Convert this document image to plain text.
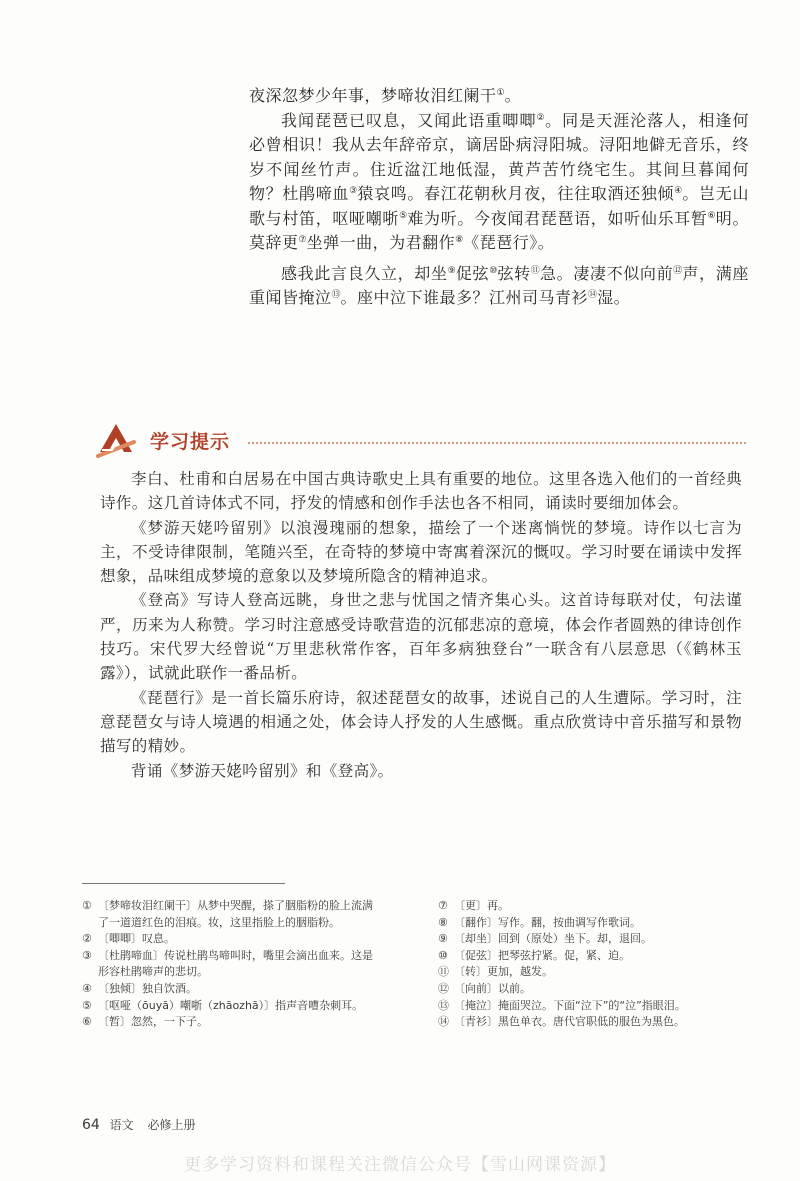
夜深忽梦少年事，梦啼妆泪红阑干①。

我闻琵琶已叹息，又闻此语重唧唧②。同是天涯沦落人，相逢何必曾相识！我从去年辞帝京，谪居卧病浔阳城。浔阳地僻无音乐，终岁不闻丝竹声。住近湓江地低湿，黄芦苦竹绕宅生。其间旦暮闻何物？杜鹃啼血③猿哀鸣。春江花朝秋月夜，往往取酒还独倾④。岂无山歌与村笛，呕哑嘲哳⑤难为听。今夜闻君琵琶语，如听仙乐耳暂⑥明。莫辞更⑦坐弹一曲，为君翻作⑧《琵琶行》。

感我此言良久立，却坐⑨促弦⑩弦转⑪急。凄凄不似向前⑫声，满座重闻皆掩泣⑬。座中泣下谁最多？江州司马青衫⑭湿。

学习提示

李白、杜甫和白居易在中国古典诗歌史上具有重要的地位。这里各选入他们的一首经典诗作。这几首诗体式不同，抒发的情感和创作手法也各不相同，诵读时要细加体会。

《梦游天姥吟留别》以浪漫瑰丽的想象，描绘了一个迷离惝恍的梦境。诗作以七言为主，不受诗律限制，笔随兴至，在奇特的梦境中寄寓着深沉的慨叹。学习时要在诵读中发挥想象，品味组成梦境的意象以及梦境所隐含的精神追求。

《登高》写诗人登高远眺，身世之悲与忧国之情齐集心头。这首诗每联对仗，句法谨严，历来为人称赞。学习时注意感受诗歌营造的沉郁悲凉的意境，体会作者圆熟的律诗创作技巧。宋代罗大经曾说“万里悲秋常作客，百年多病独登台”一联含有八层意思（《鹤林玉露》），试就此联作一番品析。

《琵琶行》是一首长篇乐府诗，叙述琵琶女的故事，述说自己的人生遭际。学习时，注意琵琶女与诗人境遇的相通之处，体会诗人抒发的人生感慨。重点欣赏诗中音乐描写和景物描写的精妙。

背诵《梦游天姥吟留别》和《登高》。

① 〔梦啼妆泪红阑干〕从梦中哭醒，搽了胭脂粉的脸上流满了一道道红色的泪痕。妆，这里指脸上的胭脂粉。
② 〔唧唧〕叹息。
③ 〔杜鹃啼血〕传说杜鹃鸟啼叫时，嘴里会滴出血来。这是形容杜鹃啼声的悲切。
④ 〔独倾〕独自饮酒。
⑤ 〔呕哑（ōuyā）嘲哳（zhāozhā）〕指声音嘈杂刺耳。
⑥ 〔暂〕忽然，一下子。
⑦ 〔更〕再。
⑧ 〔翻作〕写作。翻，按曲调写作歌词。
⑨ 〔却坐〕回到（原处）坐下。却，退回。
⑩ 〔促弦〕把琴弦拧紧。促，紧、迫。
⑪ 〔转〕更加，越发。
⑫ 〔向前〕以前。
⑬ 〔掩泣〕掩面哭泣。下面“泣下”的“泣”指眼泪。
⑭ 〔青衫〕黑色单衣。唐代官职低的服色为黑色。
64 语文 必修上册
更多学习资料和课程关注微信公众号【雪山网课资源】
